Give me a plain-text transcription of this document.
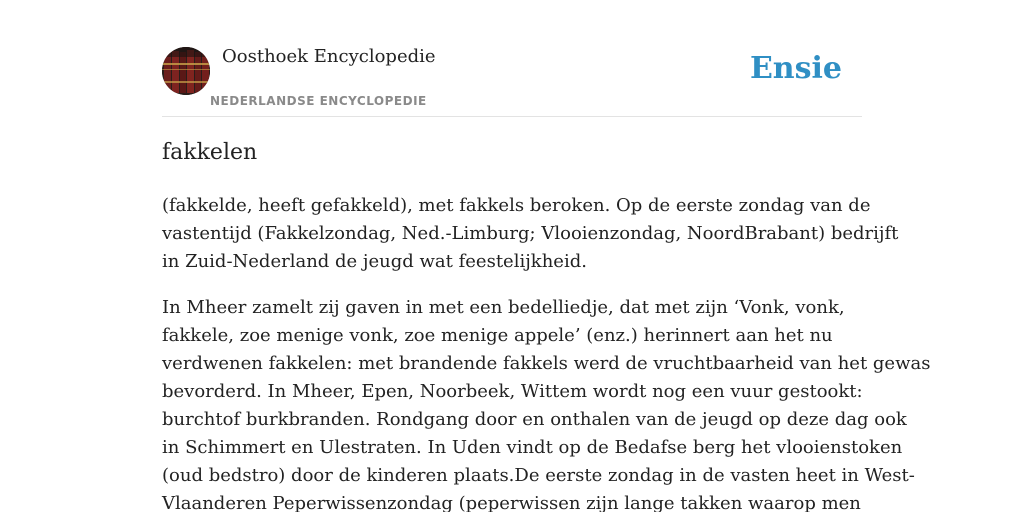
Oosthoek Encyclopedie
NEDERLANDSE ENCYCLOPEDIE
Ensie
fakkelen

(fakkelde, heeft gefakkeld), met fakkels beroken. Op de eerste zondag van de
vastentijd (Fakkelzondag, Ned.-Limburg; Vlooienzondag, NoordBrabant) bedrijft
in Zuid-Nederland de jeugd wat feestelijkheid.

In Mheer zamelt zij gaven in met een bedelliedje, dat met zijn ‘Vonk, vonk,
fakkele, zoe menige vonk, zoe menige appele’ (enz.) herinnert aan het nu
verdwenen fakkelen: met brandende fakkels werd de vruchtbaarheid van het gewas
bevorderd. In Mheer, Epen, Noorbeek, Wittem wordt nog een vuur gestookt:
burchtof burkbranden. Rondgang door en onthalen van de jeugd op deze dag ook
in Schimmert en Ulestraten. In Uden vindt op de Bedafse berg het vlooienstoken
(oud bedstro) door de kinderen plaats.De eerste zondag in de vasten heet in West-
Vlaanderen Peperwissenzondag (peperwissen zijn lange takken waarop men
